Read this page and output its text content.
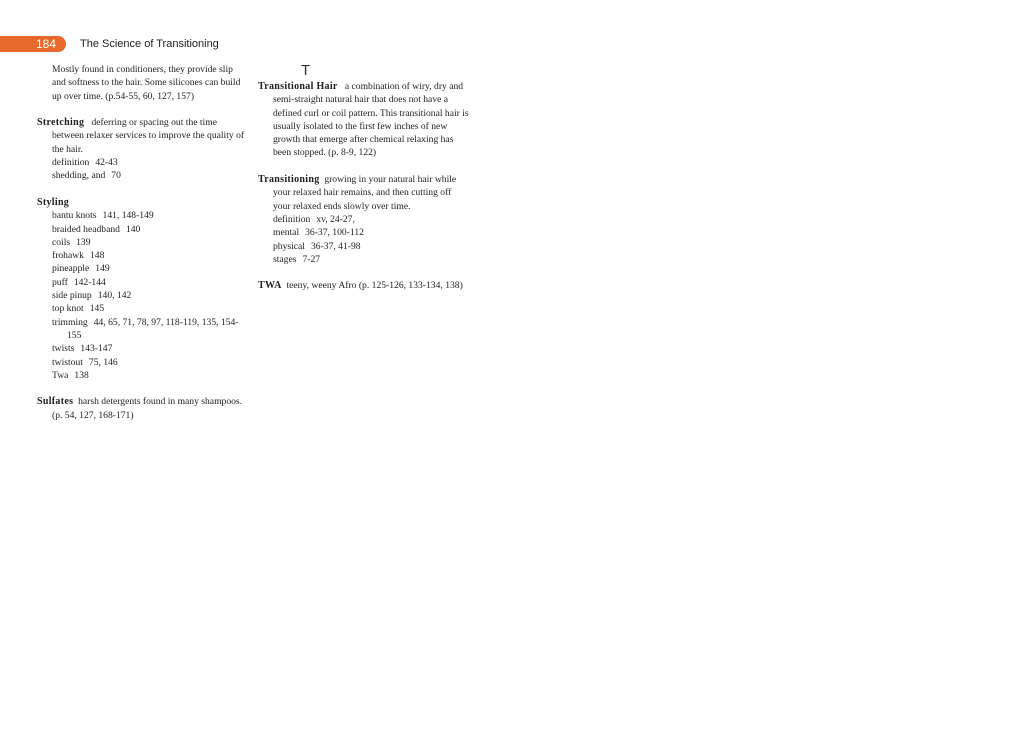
184	The Science of Transitioning

Mostly found in conditioners, they provide slip and softness to the hair. Some silicones can build up over time. (p.54-55, 60, 127, 157)

Stretching deferring or spacing out the time between relaxer services to improve the quality of the hair.

definition 42-43

shedding, and 70

Styling

bantu knots 141, 148-149

braided headband 140

coils 139

frohawk 148

pineapple 149

puff 142-144

side pinup 140, 142

top knot 145

trimming 44, 65, 71, 78, 97, 118-119, 135, 154-155

twists 143-147

twistout 75, 146

Twa 138

Sulfates harsh detergents found in many shampoos. (p. 54, 127, 168-171)

T

Transitional Hair a combination of wiry, dry and semi-straight natural hair that does not have a defined curl or coil pattern. This transitional hair is usually isolated to the first few inches of new growth that emerge after chemical relaxing has been stopped. (p. 8-9, 122)

Transitioning growing in your natural hair while your relaxed hair remains, and then cutting off your relaxed ends slowly over time.

definition xv, 24-27,

mental 36-37, 100-112

physical 36-37, 41-98

stages 7-27

TWA teeny, weeny Afro (p. 125-126, 133-134, 138)
